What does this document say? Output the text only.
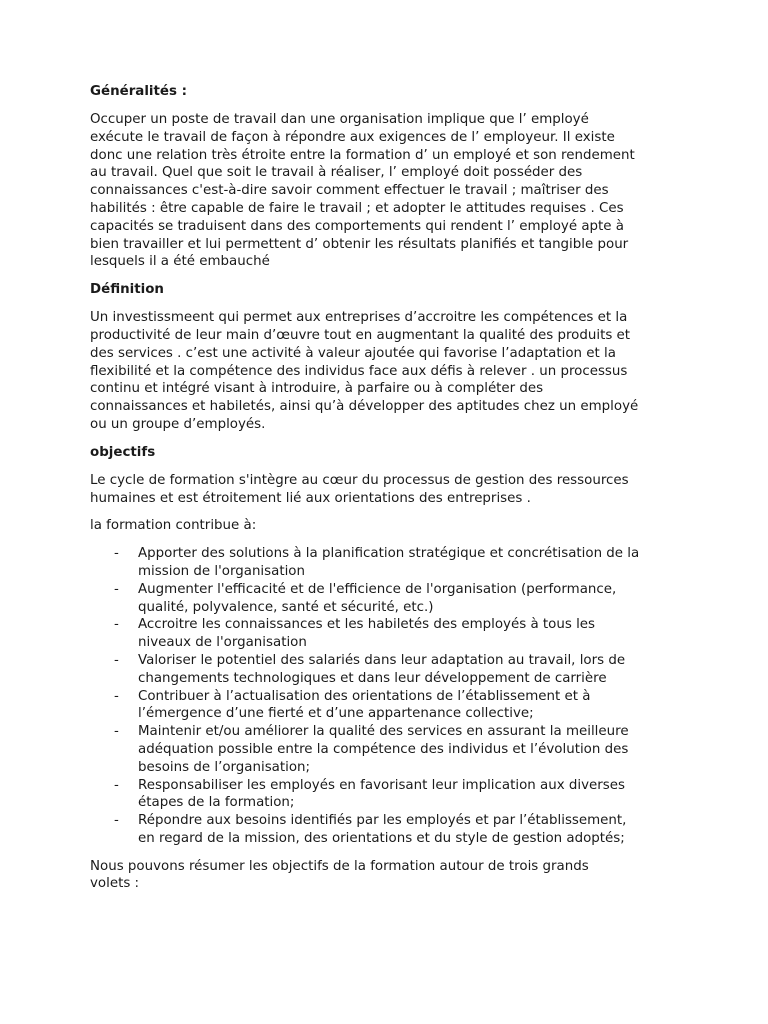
Généralités :

Occuper un poste de travail dan une organisation implique que l’ employé
exécute le travail de façon à répondre aux exigences de l’ employeur. Il existe
donc une relation très étroite entre la formation d’ un employé et son rendement
au travail. Quel que soit le travail à réaliser, l’ employé doit posséder des
connaissances c'est-à-dire savoir comment effectuer le travail ; maîtriser des
habilités : être capable de faire le travail ; et adopter le attitudes requises . Ces
capacités se traduisent dans des comportements qui rendent l’ employé apte à
bien travailler et lui permettent d’ obtenir les résultats planifiés et tangible pour
lesquels il a été embauché

Définition

Un investissmeent qui permet aux entreprises d’accroitre les compétences et la
productivité de leur main d’œuvre tout en augmentant la qualité des produits et
des services . c’est une activité à valeur ajoutée qui favorise l’adaptation et la
flexibilité et la compétence des individus face aux défis à relever . un processus
continu et intégré visant à introduire, à parfaire ou à compléter des
connaissances et habiletés, ainsi qu’à développer des aptitudes chez un employé
ou un groupe d’employés.

objectifs

Le cycle de formation s'intègre au cœur du processus de gestion des ressources
humaines et est étroitement lié aux orientations des entreprises .

la formation contribue à:

- Apporter des solutions à la planification stratégique et concrétisation de la
mission de l'organisation
- Augmenter l'efficacité et de l'efficience de l'organisation (performance,
qualité, polyvalence, santé et sécurité, etc.)
- Accroitre les connaissances et les habiletés des employés à tous les
niveaux de l'organisation
- Valoriser le potentiel des salariés dans leur adaptation au travail, lors de
changements technologiques et dans leur développement de carrière
- Contribuer à l’actualisation des orientations de l’établissement et à
l’émergence d’une fierté et d’une appartenance collective;
- Maintenir et/ou améliorer la qualité des services en assurant la meilleure
adéquation possible entre la compétence des individus et l’évolution des
besoins de l’organisation;
- Responsabiliser les employés en favorisant leur implication aux diverses
étapes de la formation;
- Répondre aux besoins identifiés par les employés et par l’établissement,
en regard de la mission, des orientations et du style de gestion adoptés;

Nous pouvons résumer les objectifs de la formation autour de trois grands
volets :
